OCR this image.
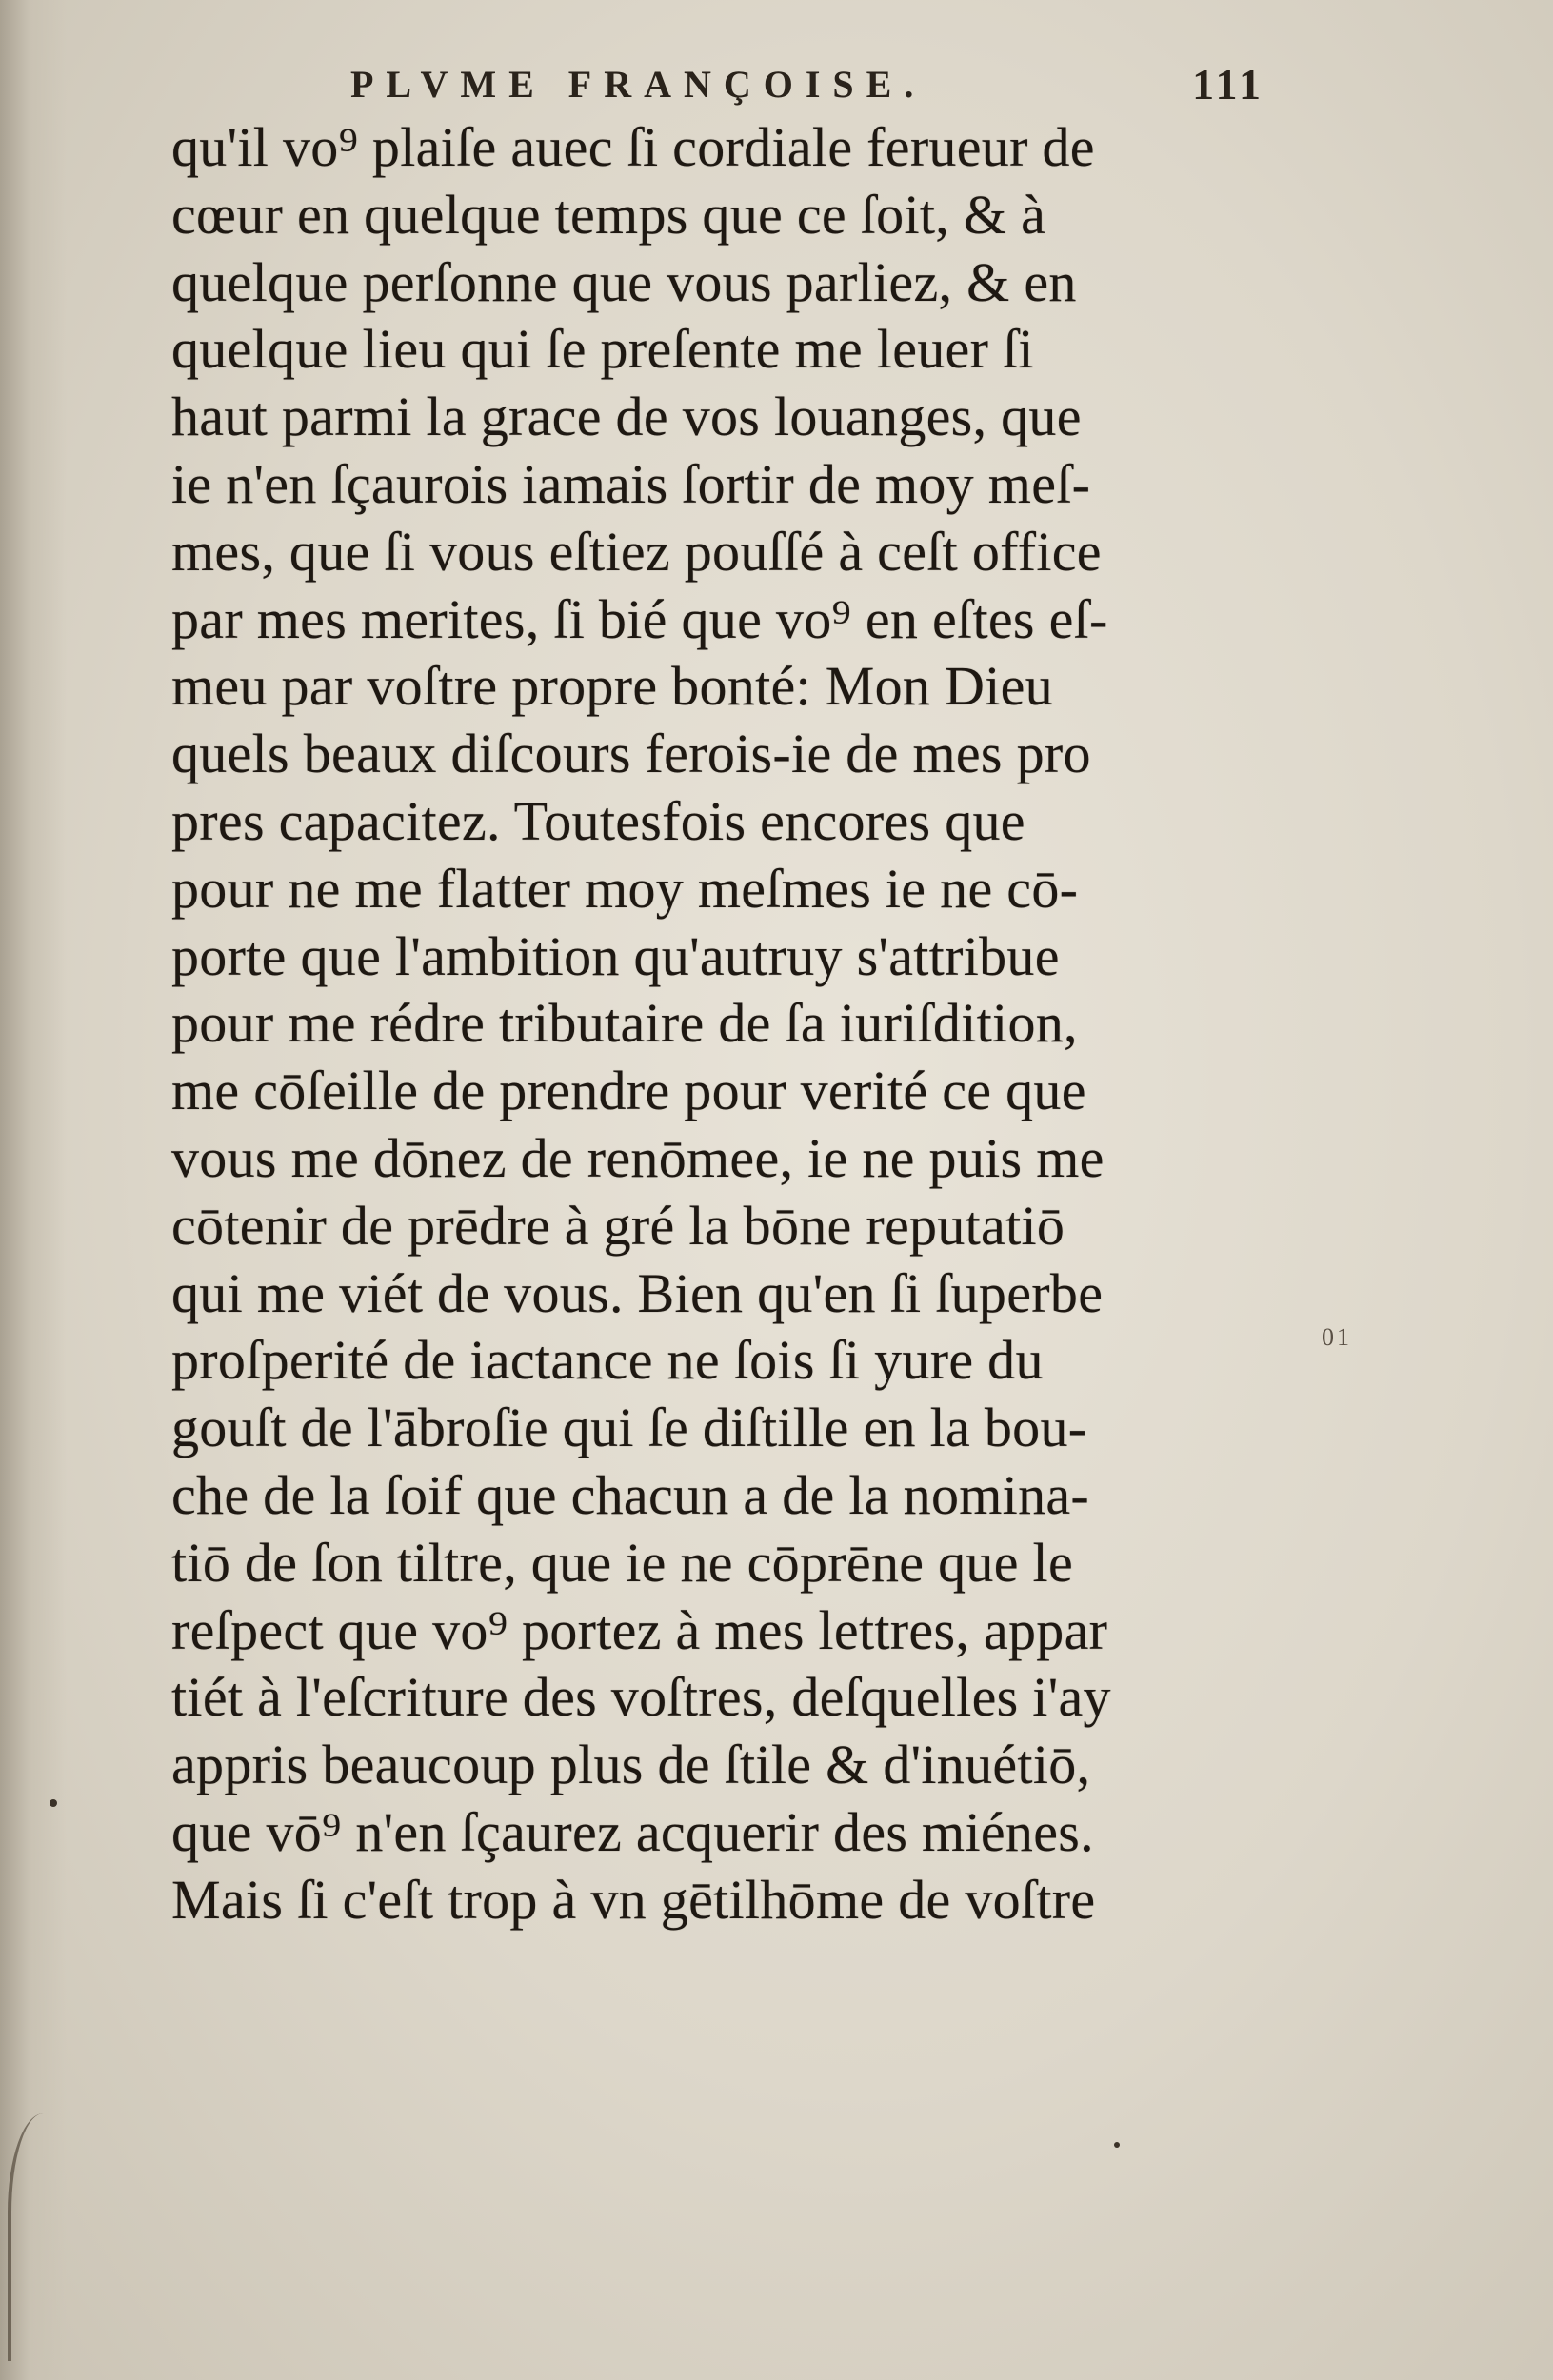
PLVME FRANÇOISE.	111
qu'il vo⁹ plaiſe auec ſi cordiale ferueur de
cœur en quelque temps que ce ſoit, & à
quelque perſonne que vous parliez, & en
quelque lieu qui ſe preſente me leuer ſi
haut parmi la grace de vos louanges, que
ie n'en ſçaurois iamais ſortir de moy meſ-
mes, que ſi vous eſtiez pouſſé à ceſt office
par mes merites, ſi bié que vo⁹ en eſtes eſ-
meu par voſtre propre bonté: Mon Dieu
quels beaux diſcours ferois-ie de mes pro
pres capacitez. Toutesfois encores que
pour ne me flatter moy meſmes ie ne cō-
porte que l'ambition qu'autruy s'attribue
pour me rédre tributaire de ſa iuriſdition,
me cōſeille de prendre pour verité ce que
vous me dōnez de renōmee, ie ne puis me
cōtenir de prēdre à gré la bōne reputatiō
qui me viét de vous. Bien qu'en ſi ſuperbe
proſperité de iactance ne ſois ſi yure du
gouſt de l'ābroſie qui ſe diſtille en la bou-
che de la ſoif que chacun a de la nomina-
tiō de ſon tiltre, que ie ne cōprēne que le
reſpect que vo⁹ portez à mes lettres, appar
tiét à l'eſcriture des voſtres, deſquelles i'ay
appris beaucoup plus de ſtile & d'inuétiō,
que vō⁹ n'en ſçaurez acquerir des miénes.
Mais ſi c'eſt trop à vn gētilhōme de voſtre
01
